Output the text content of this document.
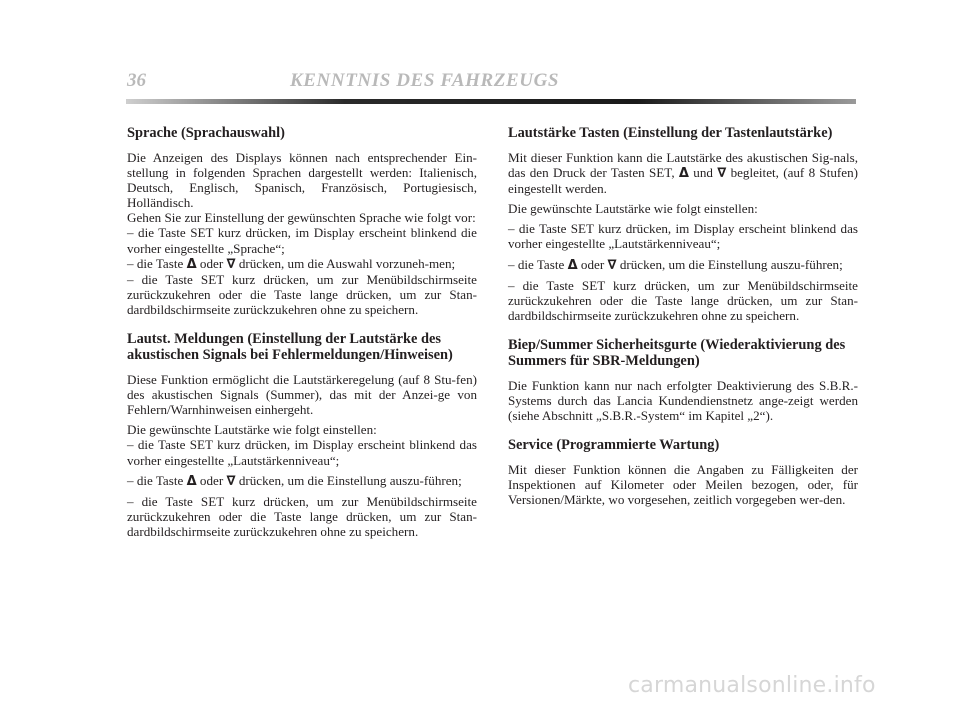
36	KENNTNIS DES FAHRZEUGS
Sprache (Sprachauswahl)

Die Anzeigen des Displays können nach entsprechender Ein-stellung in folgenden Sprachen dargestellt werden: Italienisch, Deutsch, Englisch, Spanisch, Französisch, Portugiesisch, Holländisch.

Gehen Sie zur Einstellung der gewünschten Sprache wie folgt vor:

– die Taste SET kurz drücken, im Display erscheint blinkend die vorher eingestellte „Sprache“;

– die Taste Δ oder ∇ drücken, um die Auswahl vorzuneh-men;

– die Taste SET kurz drücken, um zur Menübildschirmseite zurückzukehren oder die Taste lange drücken, um zur Stan-dardbildschirmseite zurückzukehren ohne zu speichern.

Lautst. Meldungen (Einstellung der Lautstärke des akustischen Signals bei Fehlermeldungen/Hinweisen)

Diese Funktion ermöglicht die Lautstärkeregelung (auf 8 Stu-fen) des akustischen Signals (Summer), das mit der Anzei-ge von Fehlern/Warnhinweisen einhergeht.

Die gewünschte Lautstärke wie folgt einstellen:

– die Taste SET kurz drücken, im Display erscheint blinkend das vorher eingestellte „Lautstärkenniveau“;

– die Taste Δ oder ∇ drücken, um die Einstellung auszu-führen;

– die Taste SET kurz drücken, um zur Menübildschirmseite zurückzukehren oder die Taste lange drücken, um zur Stan-dardbildschirmseite zurückzukehren ohne zu speichern.

Lautstärke Tasten (Einstellung der Tastenlautstärke)

Mit dieser Funktion kann die Lautstärke des akustischen Sig-nals, das den Druck der Tasten SET, Δ und ∇ begleitet, (auf 8 Stufen) eingestellt werden.

Die gewünschte Lautstärke wie folgt einstellen:

– die Taste SET kurz drücken, im Display erscheint blinkend das vorher eingestellte „Lautstärkenniveau“;

– die Taste Δ oder ∇ drücken, um die Einstellung auszu-führen;

– die Taste SET kurz drücken, um zur Menübildschirmseite zurückzukehren oder die Taste lange drücken, um zur Stan-dardbildschirmseite zurückzukehren ohne zu speichern.

Biep/Summer Sicherheitsgurte (Wiederaktivierung des Summers für SBR-Meldungen)

Die Funktion kann nur nach erfolgter Deaktivierung des S.B.R.-Systems durch das Lancia Kundendienstnetz ange-zeigt werden (siehe Abschnitt „S.B.R.-System“ im Kapitel „2“).

Service (Programmierte Wartung)

Mit dieser Funktion können die Angaben zu Fälligkeiten der Inspektionen auf Kilometer oder Meilen bezogen, oder, für Versionen/Märkte, wo vorgesehen, zeitlich vorgegeben wer-den.

carmanualsonline.info
